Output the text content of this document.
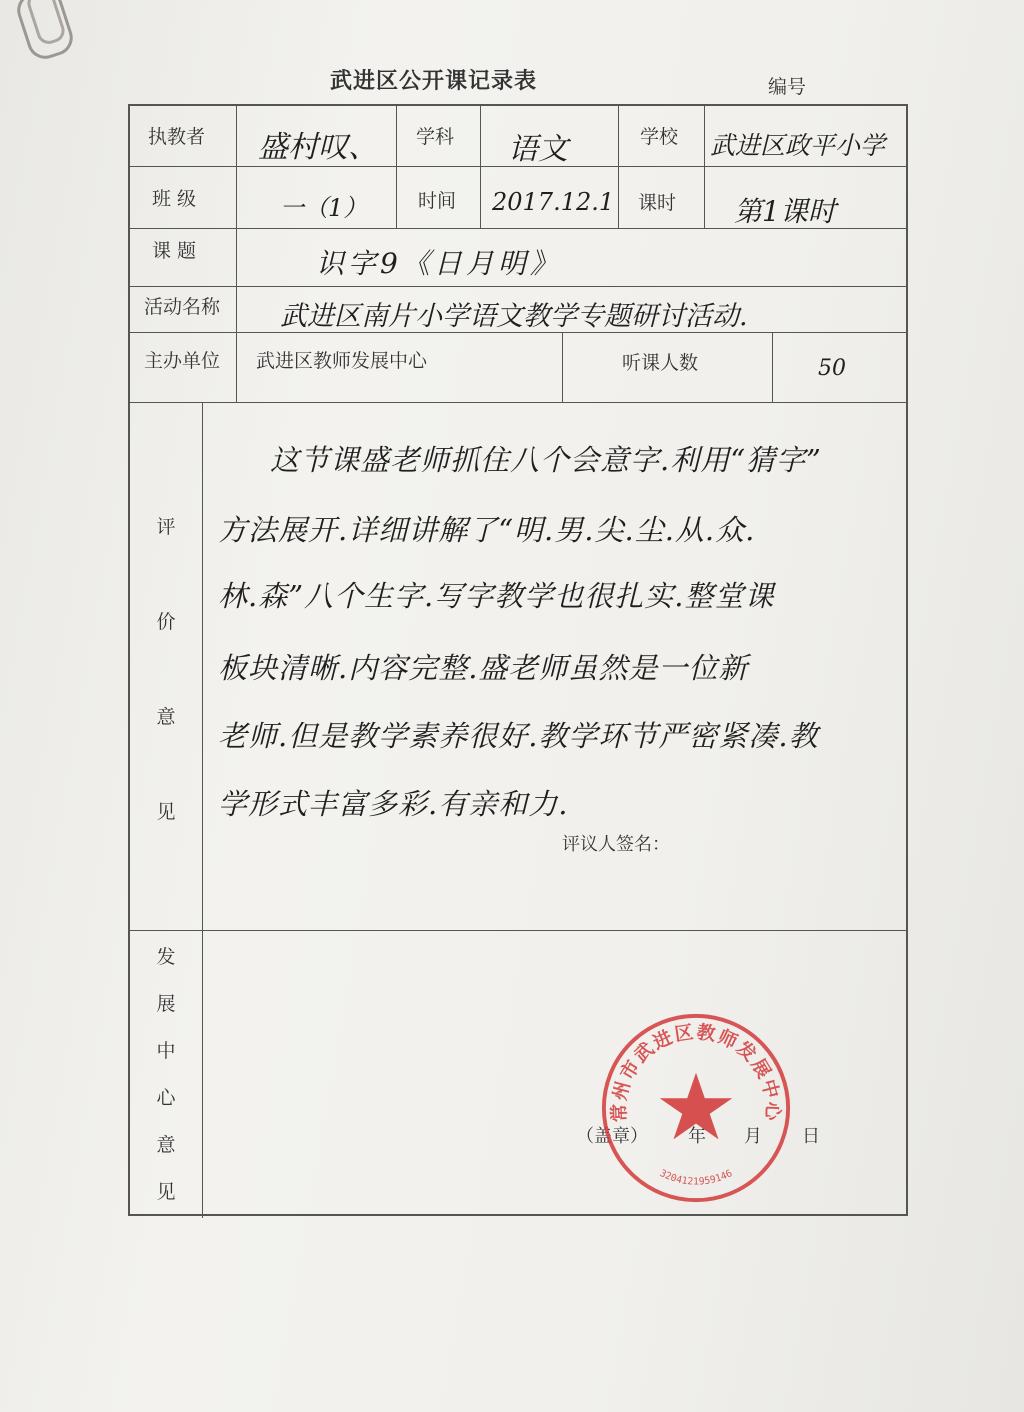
武进区公开课记录表	编号
执教者 盛村叹、 学科 语文	学校 武进区政平小学
班 级	一（1）	时间 2017.12.1 课时 第1课时
课 题	识字9《日月明》
活动名称 武进区南片小学语文教学专题研讨活动.
主办单位 武进区教师发展中心	听课人数	50
评
价
意
见
这节课盛老师抓住八个会意字.利用“猜字”
方法展开.详细讲解了“明.男.尖.尘.从.众.
林.森”八个生字.写字教学也很扎实.整堂课
板块清晰.内容完整.盛老师虽然是一位新
老师.但是教学素养很好.教学环节严密紧凑.教
学形式丰富多彩.有亲和力.
评议人签名：
发
展
中
心
意
见
（盖章） 年 月 日
常州市武进区教师发展中心
3204121959146
